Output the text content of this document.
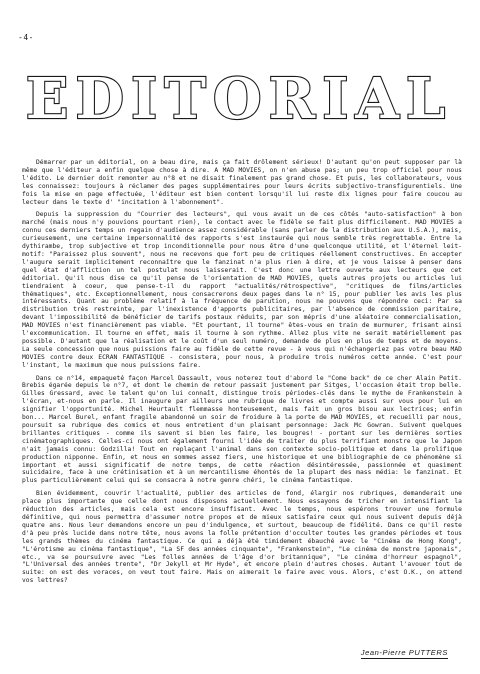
-4-
EDITORIAL

Démarrer par un éditorial, on a beau dire, mais ça fait drôlement sérieux! D'autant qu'on peut supposer par là même que l'éditeur a enfin quelque chose à dire. A MAD MOVIES, on n'en abuse pas; un peu trop officiel pour nous l'édito. Le dernier doit remonter au n°8 et ne disait finalement pas grand chose. Et puis, les collaborateurs, vous les connaissez: toujours à réclamer des pages supplémentaires pour leurs écrits subjectivo-transfigurentiels. Une fois la mise en page effectuée, l'éditeur est bien content lorsqu'il lui reste dix lignes pour faire coucou au lecteur dans le texte d' "incitation à l'abonnement".

Depuis la suppression du "Courrier des lecteurs", qui vous avait un de ces côtés "auto-satisfaction" à bon marché (mais nous n'y pouvions pourtant rien), le contact avec le fidèle se fait plus difficilement. MAD MOVIES a connu ces derniers temps un regain d'audience assez considérable (sans parler de la distribution aux U.S.A.), mais, curieusement, une certaine impersonnalité des rapports s'est instaurée qui nous semble très regrettable. Entre la dythirambe, trop subjective et trop inconditionnelle pour nous être d'une quelconque utilité, et l'éternel leit-motif: "Paraissez plus souvent", nous ne recevons que fort peu de critiques réellement constructives. En accepter l'augure serait implicitement reconnaître que le fanzinat n'a plus rien à dire, et je vous laisse à penser dans quel état d'affliction un tel postulat nous laisserait. C'est donc une lettre ouverte aux lecteurs que cet éditorial. Qu'il nous dise ce qu'il pense de l'orientation de MAD MOVIES, quels autres projets ou articles lui tiendraient à coeur, que pense-t-il du rapport "actualités/rétrospective", "critiques de films/articles thématiques", etc. Exceptionnellement, nous consacrerons deux pages dans le n° 15, pour publier les avis les plus intéressants. Quant au problème relatif à la fréquence de parution, nous ne pouvons que répondre ceci: Par sa distribution très restreinte, par l'inexistence d'apports publicitaires, par l'absence de commission paritaire, devant l'impossibilité de bénéficier de tarifs postaux réduits, par son mépris d'une aléatoire commercialisation, MAD MOVIES n'est financièrement pas viable. "Et pourtant, il tourne" êtes-vous en train de murmurer, frisant ainsi l'excommunication. Il tourne en effet, mais il tourne à son rythme. Allez plus vite ne serait matériellement pas possible. D'autant que la réalisation et le coût d'un seul numéro, demande de plus en plus de temps et de moyens. La seule concession que nous puissions faire au fidèle de cette revue - à vous qui n'échangeriez pas votre beau MAD MOVIES contre deux ECRAN FANTASTIQUE - consistera, pour nous, à produire trois numéros cette année. C'est pour l'instant, le maximum que nous puissions faire.

Dans ce n°14, empaqueté façon Marcel Dassault, vous noterez tout d'abord le "Come back" de ce cher Alain Petit. Brebis égarée depuis le n°7, et dont le chemin de retour passait justement par Sitges, l'occasion était trop belle. Gilles Gressard, avec le talent qu'on lui connaît, distingue trois périodes-clés dans le mythe de Frankenstein à l'écran, et-nous en parle. Il inaugure par ailleurs une rubrique de livres et compte aussi sur vous pour lui en signifier l'opportunité. Michel Heurtault flemmasse honteusement, mais fait un gros bisou aux lectrices; enfin bon... Marcel Burel, enfant fragile abandonné un soir de froidure à la porte de MAD MOVIES, et recueilli par nous, poursuit sa rubrique des comics et nous entretient d'un plaisant personnage: Jack Mc Gowran. Suivent quelques brillantes critiques - comme ils savent si bien les faire, les bougres! - portant sur les dernières sorties cinématographiques. Celles-ci nous ont également fourni l'idée de traiter du plus terrifiant monstre que le Japon n'ait jamais connu: Godzilla! Tout en replaçant l'animal dans son contexte socio-politique et dans la prolifique production nipponne. Enfin, et nous en sommes assez fiers, une historique et une bibliographie de ce phénomène si important et aussi significatif de notre temps, de cette réaction désintéressée, passionnée et quasiment suicidaire, face à une crétinisation et à un mercantilisme éhontés de la plupart des mass média: le fanzinat. Et plus particulièrement celui qui se consacra à notre genre chéri, le cinéma fantastique.

Bien évidemment, couvrir l'actualité, publier des articles de fond, élargir nos rubriques, demanderait une place plus importante que celle dont nous disposons actuellement. Nous essayons de tricher en intensifiant la réduction des articles, mais cela est encore insuffisant. Avec le temps, nous espérons trouver une formule définitive, qui nous permettra d'assumer notre propos et de mieux satisfaire ceux qui nous suivent depuis déjà quatre ans. Nous leur demandons encore un peu d'indulgence, et surtout, beaucoup de fidélité. Dans ce qu'il reste d'à peu près lucide dans notre tête, nous avons la folle prétention d'occulter toutes les grandes périodes et tous les grands thèmes du cinéma fantastique. Ce qui a déjà été timidement ébauché avec le "Cinéma de Hong Kong", "L'érotisme au cinéma fantastique", "La SF des années cinquante", "Frankenstein", "Le cinéma de monstre japonais", etc., va se poursuivre avec "Les folles années de l'âge d'or britannique", "Le cinéma d'horreur espagnol", "L'Universal des années trente", "Dr Jekyll et Mr Hyde", et encore plein d'autres choses. Autant l'avouer tout de suite: on est des voraces, on veut tout faire. Mais on aimerait le faire avec vous. Alors, c'est O.K., on attend vos lettres?

Jean-Pierre PUTTERS
